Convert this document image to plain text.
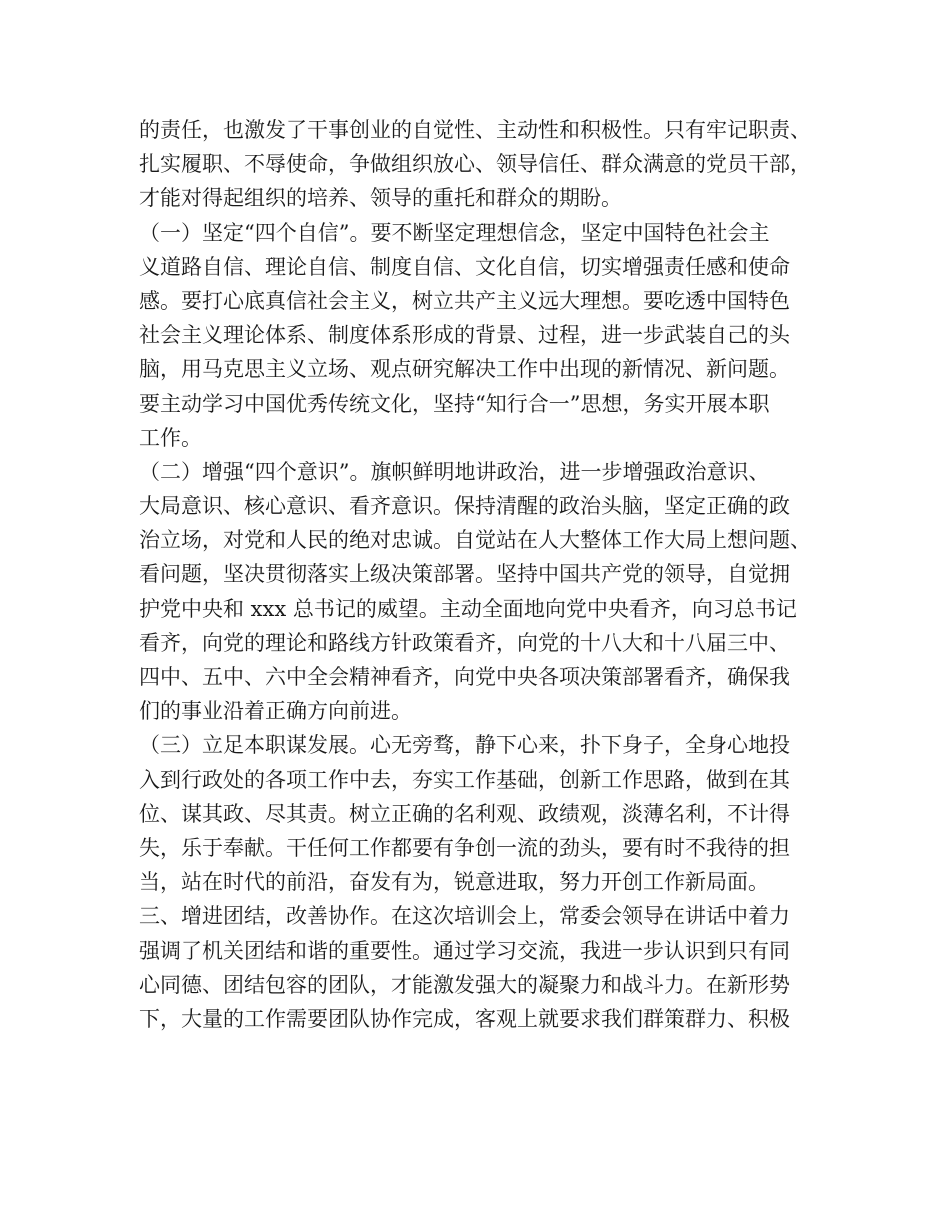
的责任，也激发了干事创业的自觉性、主动性和积极性。只有牢记职责、
扎实履职、不辱使命，争做组织放心、领导信任、群众满意的党员干部，
才能对得起组织的培养、领导的重托和群众的期盼。
（一）坚定“四个自信”。要不断坚定理想信念，坚定中国特色社会主
义道路自信、理论自信、制度自信、文化自信，切实增强责任感和使命
感。要打心底真信社会主义，树立共产主义远大理想。要吃透中国特色
社会主义理论体系、制度体系形成的背景、过程，进一步武装自己的头
脑，用马克思主义立场、观点研究解决工作中出现的新情况、新问题。
要主动学习中国优秀传统文化，坚持“知行合一”思想，务实开展本职
工作。
（二）增强“四个意识”。旗帜鲜明地讲政治，进一步增强政治意识、
大局意识、核心意识、看齐意识。保持清醒的政治头脑，坚定正确的政
治立场，对党和人民的绝对忠诚。自觉站在人大整体工作大局上想问题、
看问题，坚决贯彻落实上级决策部署。坚持中国共产党的领导，自觉拥
护党中央和 xxx 总书记的威望。主动全面地向党中央看齐，向习总书记
看齐，向党的理论和路线方针政策看齐，向党的十八大和十八届三中、
四中、五中、六中全会精神看齐，向党中央各项决策部署看齐，确保我
们的事业沿着正确方向前进。
（三）立足本职谋发展。心无旁骛，静下心来，扑下身子，全身心地投
入到行政处的各项工作中去，夯实工作基础，创新工作思路，做到在其
位、谋其政、尽其责。树立正确的名利观、政绩观，淡薄名利，不计得
失，乐于奉献。干任何工作都要有争创一流的劲头，要有时不我待的担
当，站在时代的前沿，奋发有为，锐意进取，努力开创工作新局面。
三、增进团结，改善协作。在这次培训会上，常委会领导在讲话中着力
强调了机关团结和谐的重要性。通过学习交流，我进一步认识到只有同
心同德、团结包容的团队，才能激发强大的凝聚力和战斗力。在新形势
下，大量的工作需要团队协作完成，客观上就要求我们群策群力、积极
